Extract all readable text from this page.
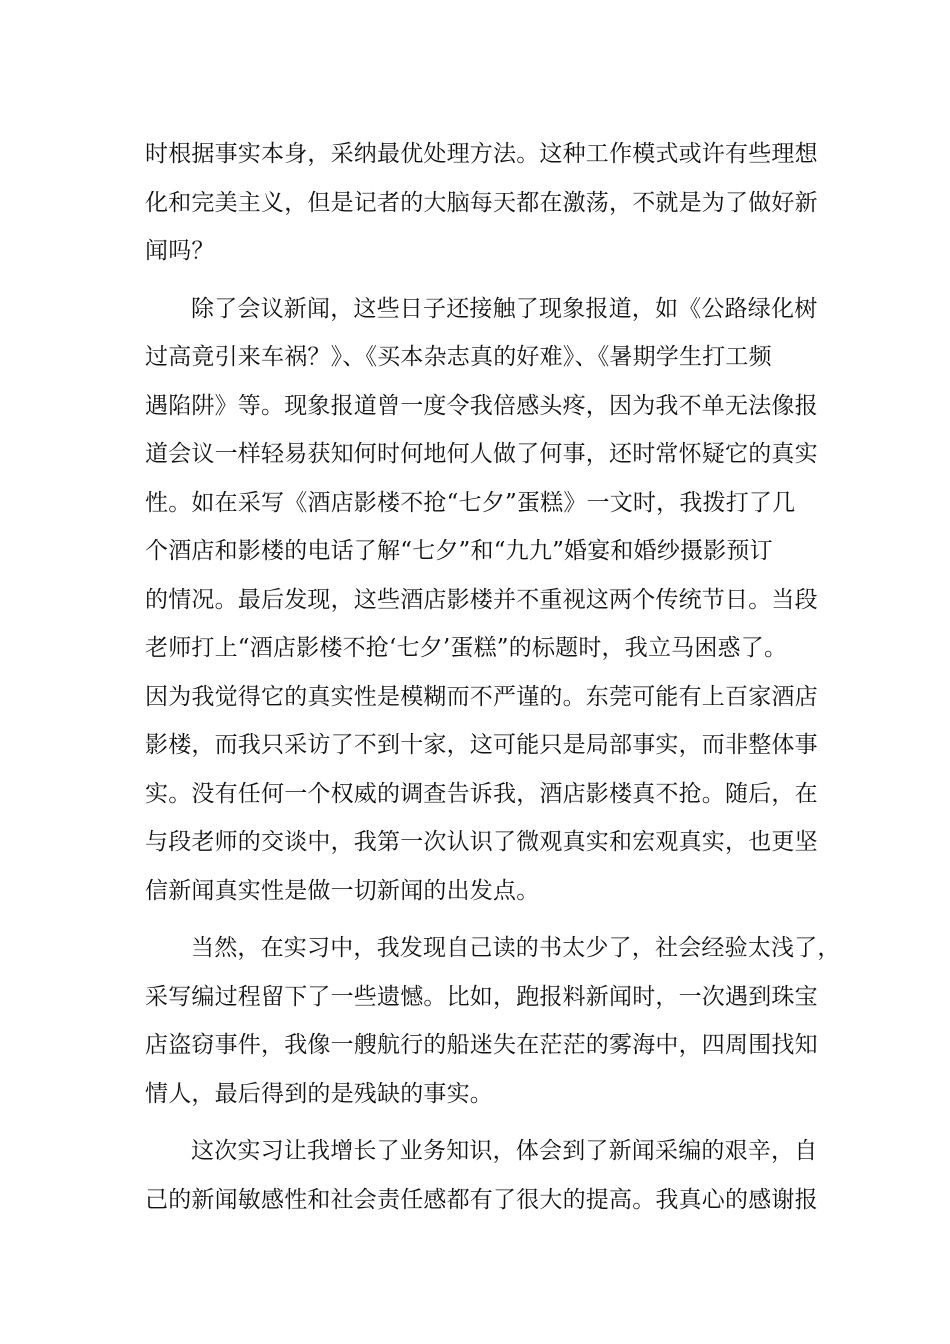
时根据事实本身，采纳最优处理方法。这种工作模式或许有些理想
化和完美主义，但是记者的大脑每天都在激荡，不就是为了做好新
闻吗？
除了会议新闻，这些日子还接触了现象报道，如《公路绿化树
过高竟引来车祸？》、《买本杂志真的好难》、《暑期学生打工频
遇陷阱》等。现象报道曾一度令我倍感头疼，因为我不单无法像报
道会议一样轻易获知何时何地何人做了何事，还时常怀疑它的真实
性。如在采写《酒店影楼不抢“七夕”蛋糕》一文时，我拨打了几
个酒店和影楼的电话了解“七夕”和“九九”婚宴和婚纱摄影预订
的情况。最后发现，这些酒店影楼并不重视这两个传统节日。当段
老师打上“酒店影楼不抢‘七夕’蛋糕”的标题时，我立马困惑了。
因为我觉得它的真实性是模糊而不严谨的。东莞可能有上百家酒店
影楼，而我只采访了不到十家，这可能只是局部事实，而非整体事
实。没有任何一个权威的调查告诉我，酒店影楼真不抢。随后，在
与段老师的交谈中，我第一次认识了微观真实和宏观真实，也更坚
信新闻真实性是做一切新闻的出发点。
当然，在实习中，我发现自己读的书太少了，社会经验太浅了，
采写编过程留下了一些遗憾。比如，跑报料新闻时，一次遇到珠宝
店盗窃事件，我像一艘航行的船迷失在茫茫的雾海中，四周围找知
情人，最后得到的是残缺的事实。
这次实习让我增长了业务知识，体会到了新闻采编的艰辛，自
己的新闻敏感性和社会责任感都有了很大的提高。我真心的感谢报
